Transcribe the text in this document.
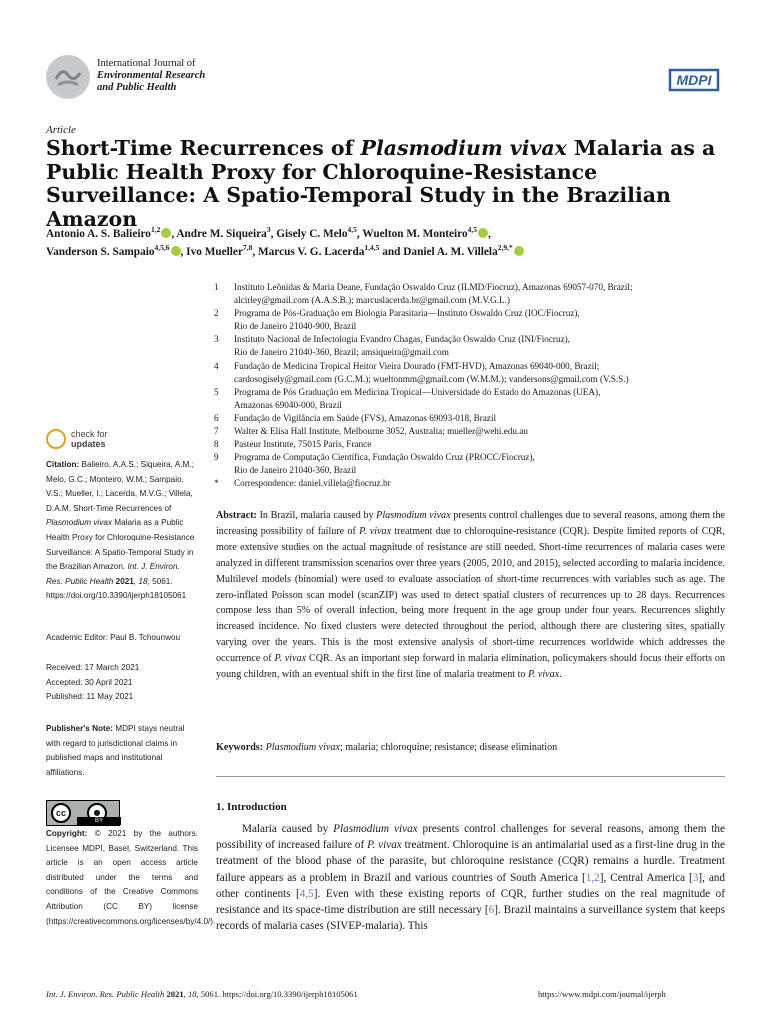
International Journal of
Environmental Research
and Public Health	MDPI
Article
Short-Time Recurrences of Plasmodium vivax Malaria as a Public Health Proxy for Chloroquine-Resistance Surveillance: A Spatio-Temporal Study in the Brazilian Amazon
Antonio A. S. Balieiro$^{1,2}$ , Andre M. Siqueira$^3$, Gisely C. Melo$^{4,5}$, Wuelton M. Monteiro$^{4,5}$ ,
Vanderson S. Sampaio$^{4,5,6}$ , Ivo Mueller$^{7,8}$, Marcus V. G. Lacerda$^{1,4,5}$ and Daniel A. M. Villela$^{2,9,*}$
1	Instituto Leônidas & Maria Deane, Fundação Oswaldo Cruz (ILMD/Fiocruz), Amazonas 69057-070, Brazil;
alcirley@gmail.com (A.A.S.B.); marcuslacerda.br@gmail.com (M.V.G.L.)
2	Programa de Pós-Graduação em Biologia Parasitaria—Instituto Oswaldo Cruz (IOC/Fiocruz),
Rio de Janeiro 21040-900, Brazil
3	Instituto Nacional de Infectologia Evandro Chagas, Fundação Oswaldo Cruz (INI/Fiocruz),
Rio de Janeiro 21040-360, Brazil; amsiqueira@gmail.com
4	Fundação de Medicina Tropical Heitor Vieira Dourado (FMT-HVD), Amazonas 69040-000, Brazil;
cardosogisely@gmail.com (G.C.M.); wueltonmm@gmail.com (W.M.M.); vandersons@gmail.com (V.S.S.)
5	Programa de Pós Graduação em Medicina Tropical—Universidade do Estado do Amazonas (UEA),
Amazonas 69040-000, Brazil
6	Fundação de Vigilância em Saúde (FVS), Amazonas 69093-018, Brazil
7	Walter & Elisa Hall Institute, Melbourne 3052, Australia; mueller@wehi.edu.au
8	Pasteur Institute, 75015 Paris, France
9	Programa de Computação Científica, Fundação Oswaldo Cruz (PROCC/Fiocruz),
Rio de Janeiro 21040-360, Brazil
*	Correspondence: daniel.villela@fiocruz.br
check for
updates
Citation: Balieiro, A.A.S.; Siqueira, A.M.; Melo, G.C.; Monteiro, W.M.; Sampaio, V.S.; Mueller, I.; Lacerda, M.V.G.; Villela, D.A.M. Short-Time Recurrences of Plasmodium vivax Malaria as a Public Health Proxy for Chloroquine-Resistance Surveillance: A Spatio-Temporal Study in the Brazilian Amazon. Int. J. Environ. Res. Public Health 2021, 18, 5061. https://doi.org/10.3390/ijerph18105061
Academic Editor: Paul B. Tchounwou
Received: 17 March 2021
Accepted: 30 April 2021
Published: 11 May 2021
Publisher's Note: MDPI stays neutral with regard to jurisdictional claims in published maps and institutional affiliations.
cc	●
BY
Copyright: © 2021 by the authors. Licensee MDPI, Basel, Switzerland. This article is an open access article distributed under the terms and conditions of the Creative Commons Attribution (CC BY) license (https://creativecommons.org/licenses/by/4.0/).
Abstract: In Brazil, malaria caused by Plasmodium vivax presents control challenges due to several reasons, among them the increasing possibility of failure of P. vivax treatment due to chloroquine-resistance (CQR). Despite limited reports of CQR, more extensive studies on the actual magnitude of resistance are still needed. Short-time recurrences of malaria cases were analyzed in different transmission scenarios over three years (2005, 2010, and 2015), selected according to malaria incidence. Multilevel models (binomial) were used to evaluate association of short-time recurrences with variables such as age. The zero-inflated Poisson scan model (scanZIP) was used to detect spatial clusters of recurrences up to 28 days. Recurrences compose less than 5% of overall infection, being more frequent in the age group under four years. Recurrences slightly increased incidence. No fixed clusters were detected throughout the period, although there are clustering sites, spatially varying over the years. This is the most extensive analysis of short-time recurrences worldwide which addresses the occurrence of P. vivax CQR. As an important step forward in malaria elimination, policymakers should focus their efforts on young children, with an eventual shift in the first line of malaria treatment to P. vivax.
Keywords: Plasmodium vivax; malaria; chloroquine; resistance; disease elimination
1. Introduction
Malaria caused by Plasmodium vivax presents control challenges for several reasons, among them the possibility of increased failure of P. vivax treatment. Chloroquine is an antimalarial used as a first-line drug in the treatment of the blood phase of the parasite, but chloroquine resistance (CQR) remains a hurdle. Treatment failure appears as a problem in Brazil and various countries of South America [1,2], Central America [3], and other continents [4,5]. Even with these existing reports of CQR, further studies on the real magnitude of resistance and its space-time distribution are still necessary [6]. Brazil maintains a surveillance system that keeps records of malaria cases (SIVEP-malaria). This
Int. J. Environ. Res. Public Health 2021, 18, 5061. https://doi.org/10.3390/ijerph18105061	https://www.mdpi.com/journal/ijerph
